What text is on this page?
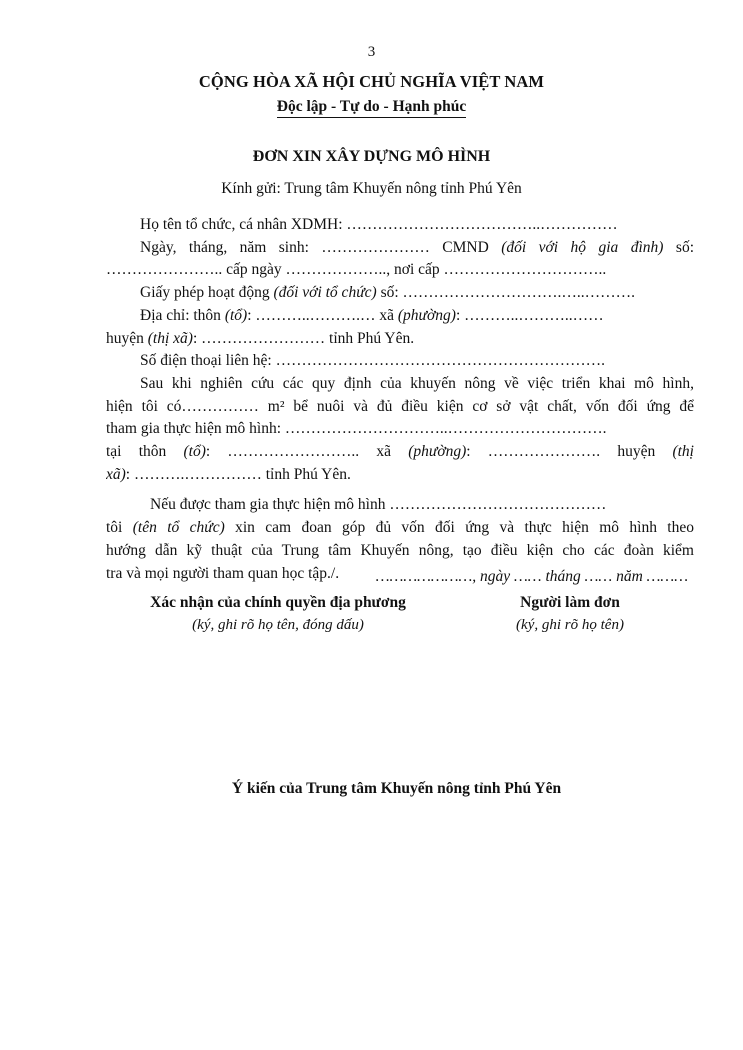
3
CỘNG HÒA XÃ HỘI CHỦ NGHĨA VIỆT NAM
Độc lập - Tự do - Hạnh phúc
ĐƠN XIN XÂY DỰNG MÔ HÌNH
Kính gửi: Trung tâm Khuyến nông tỉnh Phú Yên
Họ tên tổ chức, cá nhân XDMH: ………………………………..……………
Ngày, tháng, năm sinh: ………………… CMND (đối với hộ gia đình) số:
………………….. cấp ngày ……………….., nơi cấp …………………………..
Giấy phép hoạt động (đối với tổ chức) số: ………………………….…..……….
Địa chỉ: thôn (tổ): ………..……….… xã (phường): ………..………..……
huyện (thị xã): …………………… tỉnh Phú Yên.
Số điện thoại liên hệ: ……………………………………………………….
Sau khi nghiên cứu các quy định của khuyến nông về việc triển khai mô hình,
hiện tôi có…………… m² bể nuôi và đủ điều kiện cơ sở vật chất, vốn đối ứng để
tham gia thực hiện mô hình: …………………………..………………………….
tại thôn (tổ): …………………….. xã (phường): …………………. huyện (thị
xã): ……….…………… tỉnh Phú Yên.
Nếu được tham gia thực hiện mô hình ……………………………………
tôi (tên tổ chức) xin cam đoan góp đủ vốn đối ứng và thực hiện mô hình theo
hướng dẫn kỹ thuật của Trung tâm Khuyến nông, tạo điều kiện cho các đoàn kiểm
tra và mọi người tham quan học tập./.	…………………, ngày …… tháng …… năm ………
Xác nhận của chính quyền địa phương
(ký, ghi rõ họ tên, đóng dấu)
Người làm đơn
(ký, ghi rõ họ tên)
Ý kiến của Trung tâm Khuyến nông tỉnh Phú Yên
